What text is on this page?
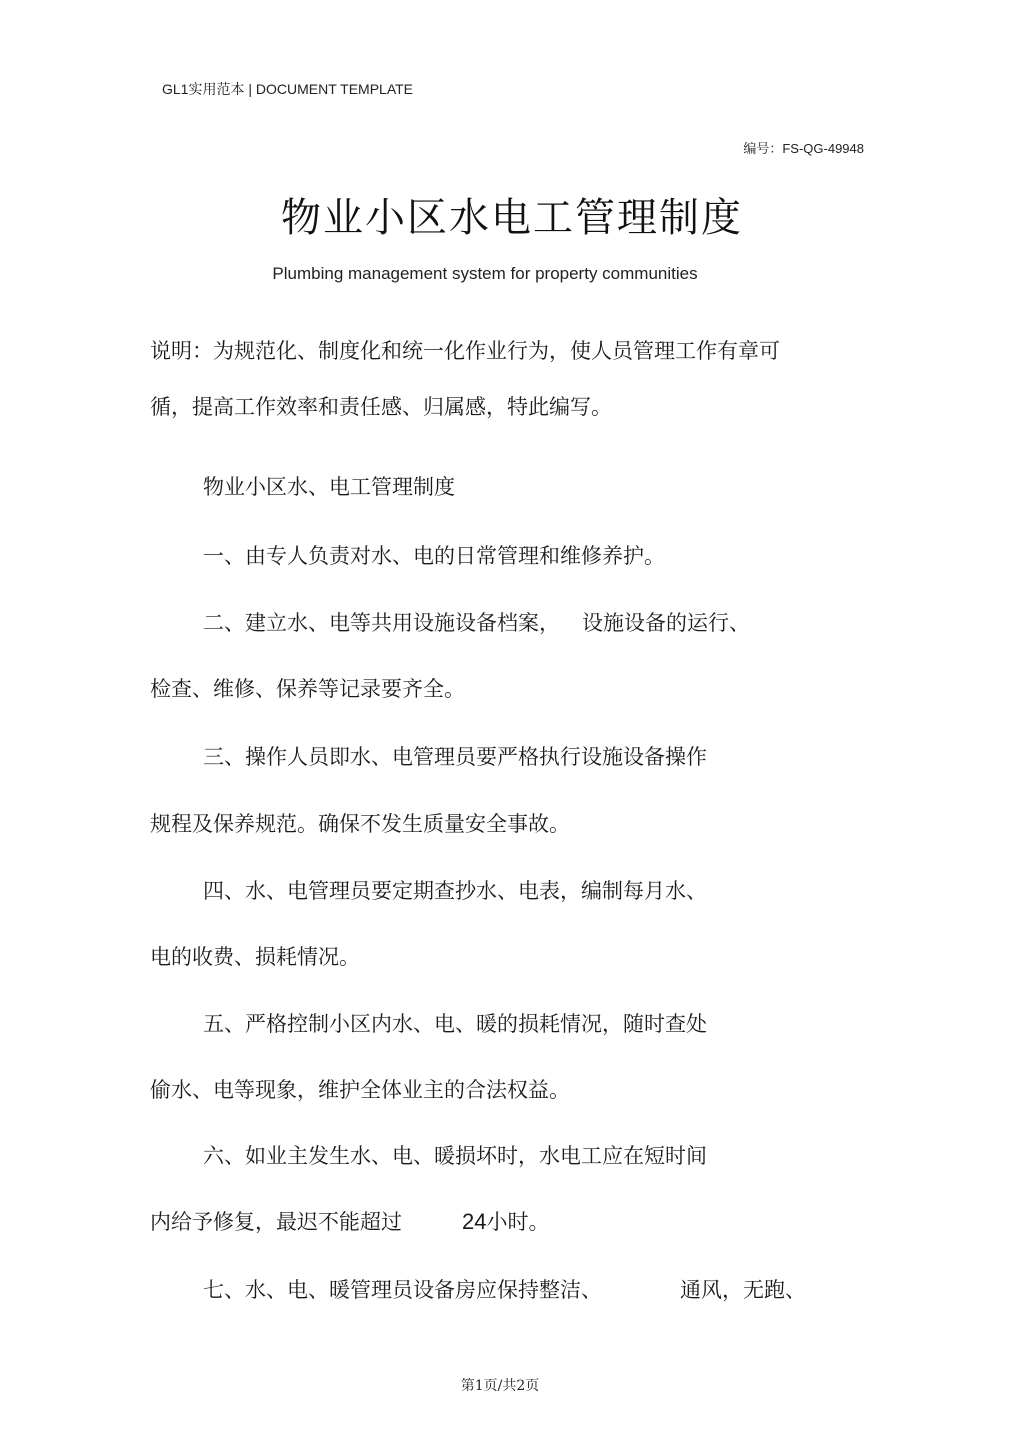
GL1实用范本 | DOCUMENT TEMPLATE
编号：FS-QG-49948
物业小区水电工管理制度
Plumbing management system for property communities
说明：为规范化、制度化和统一化作业行为，使人员管理工作有章可
循，提高工作效率和责任感、归属感，特此编写。
物业小区水、电工管理制度
一、由专人负责对水、电的日常管理和维修养护。
二、建立水、电等共用设施设备档案， 设施设备的运行、
检查、维修、保养等记录要齐全。
三、操作人员即水、电管理员要严格执行设施设备操作
规程及保养规范。确保不发生质量安全事故。
四、水、电管理员要定期查抄水、电表，编制每月水、
电的收费、损耗情况。
五、严格控制小区内水、电、暖的损耗情况，随时查处
偷水、电等现象，维护全体业主的合法权益。
六、如业主发生水、电、暖损坏时，水电工应在短时间
内给予修复，最迟不能超过	24小时。
七、水、电、暖管理员设备房应保持整洁、	通风，无跑、
第1页/共2页
